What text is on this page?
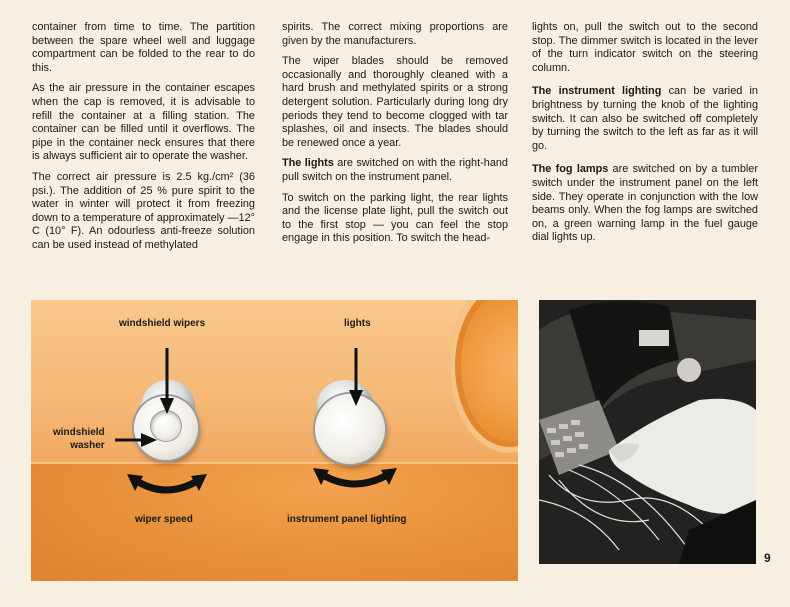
container from time to time. The partition between the spare wheel well and luggage compartment can be folded to the rear to do this.

As the air pressure in the container escapes when the cap is removed, it is advisable to refill the container at a filling station. The container can be filled until it overflows. The pipe in the container neck ensures that there is always sufficient air to operate the washer.

The correct air pressure is 2.5 kg./cm² (36 psi.). The addition of 25 % pure spirit to the water in winter will protect it from freezing down to a temperature of approximately —12° C (10° F). An odourless anti-freeze solution can be used instead of methylated

spirits. The correct mixing proportions are given by the manufacturers.

The wiper blades should be removed occasionally and thoroughly cleaned with a hard brush and methylated spirits or a strong detergent solution. Particularly during long dry periods they tend to become clogged with tar splashes, oil and insects. The blades should be renewed once a year.

The lights are switched on with the right-hand pull switch on the instrument panel.

To switch on the parking light, the rear lights and the license plate light, pull the switch out to the first stop — you can feel the stop engage in this position. To switch the head-

lights on, pull the switch out to the second stop. The dimmer switch is located in the lever of the turn indicator switch on the steering column.

The instrument lighting can be varied in brightness by turning the knob of the lighting switch. It can also be switched off completely by turning the switch to the left as far as it will go.

The fog lamps are switched on by a tumbler switch under the instrument panel on the left side. They operate in conjunction with the low beams only. When the fog lamps are switched on, a green warning lamp in the fuel gauge dial lights up.

windshield wipers	lights
windshield
washer
wiper speed	instrument panel lighting
9
